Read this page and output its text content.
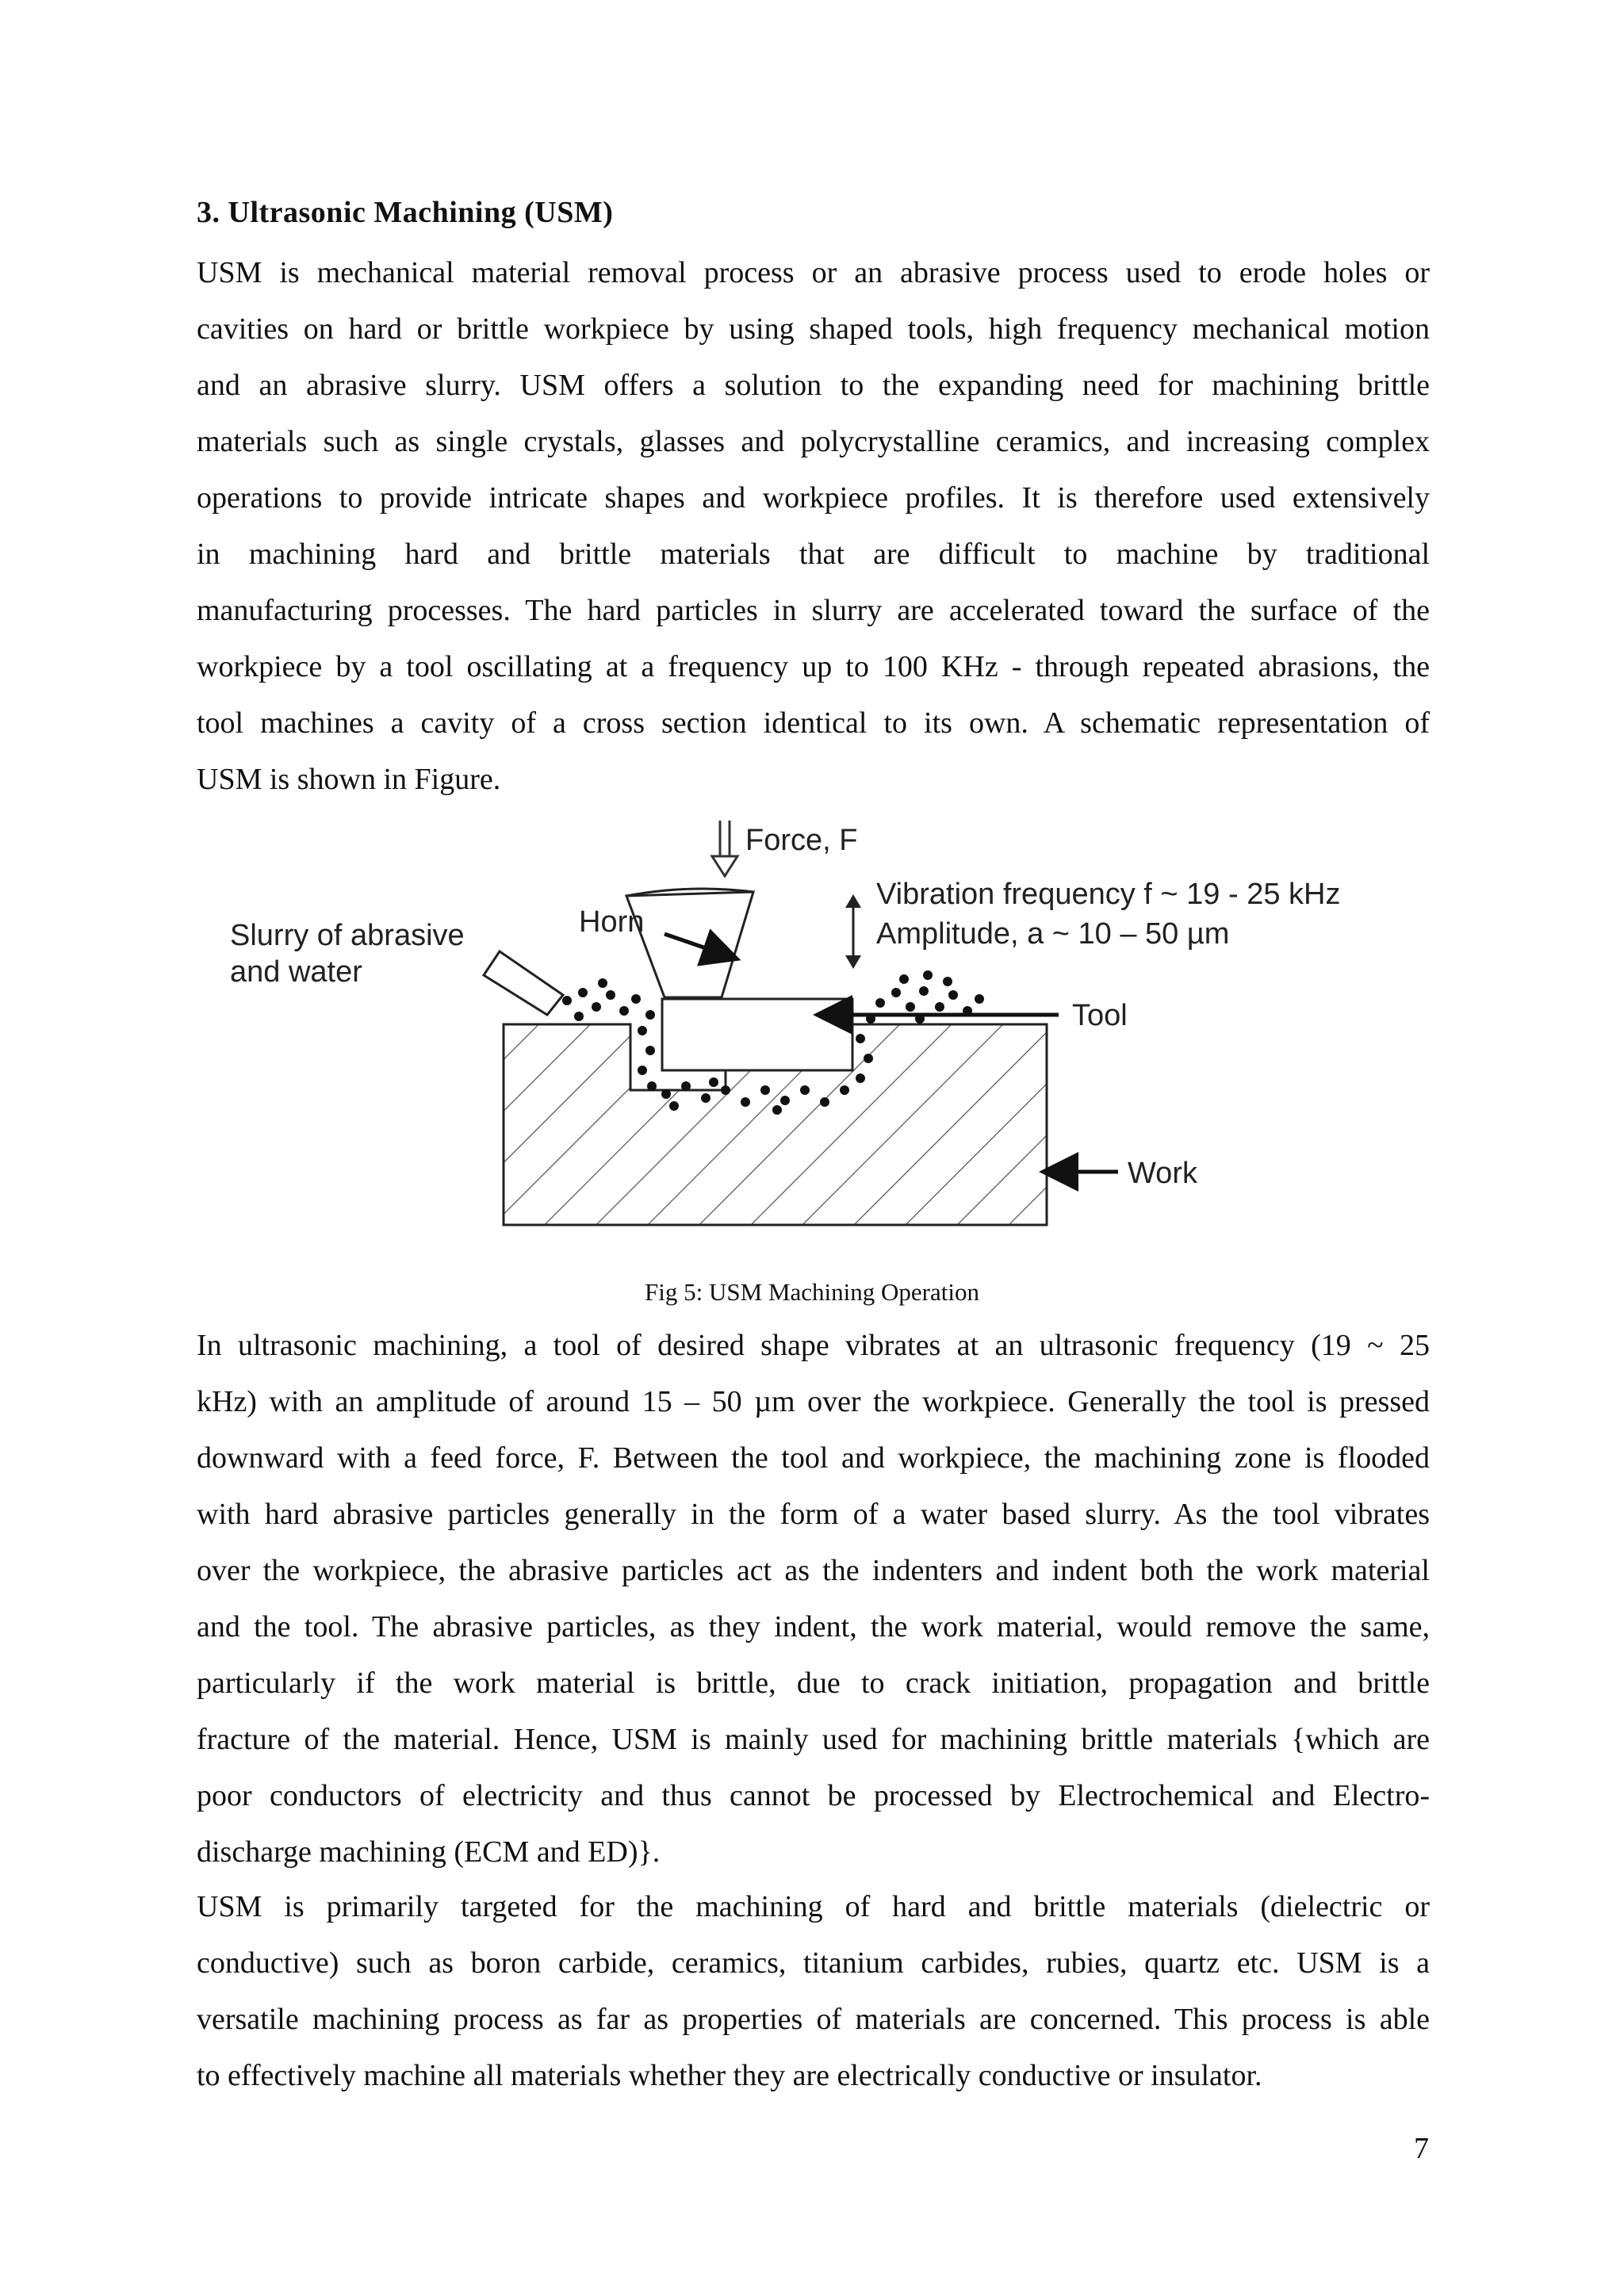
3. Ultrasonic Machining (USM)
USM is mechanical material removal process or an abrasive process used to erode holes or
cavities on hard or brittle workpiece by using shaped tools, high frequency mechanical motion
and an abrasive slurry. USM offers a solution to the expanding need for machining brittle
materials such as single crystals, glasses and polycrystalline ceramics, and increasing complex
operations to provide intricate shapes and workpiece profiles. It is therefore used extensively
in machining hard and brittle materials that are difficult to machine by traditional
manufacturing processes. The hard particles in slurry are accelerated toward the surface of the
workpiece by a tool oscillating at a frequency up to 100 KHz - through repeated abrasions, the
tool machines a cavity of a cross section identical to its own. A schematic representation of
USM is shown in Figure.
Force, F
Horn
Vibration frequency f ~ 19 - 25 kHz
Amplitude, a ~ 10 – 50 µm
Slurry of abrasive
and water
Tool
Work
Fig 5: USM Machining Operation
In ultrasonic machining, a tool of desired shape vibrates at an ultrasonic frequency (19 ~ 25
kHz) with an amplitude of around 15 – 50 µm over the workpiece. Generally the tool is pressed
downward with a feed force, F. Between the tool and workpiece, the machining zone is flooded
with hard abrasive particles generally in the form of a water based slurry. As the tool vibrates
over the workpiece, the abrasive particles act as the indenters and indent both the work material
and the tool. The abrasive particles, as they indent, the work material, would remove the same,
particularly if the work material is brittle, due to crack initiation, propagation and brittle
fracture of the material. Hence, USM is mainly used for machining brittle materials {which are
poor conductors of electricity and thus cannot be processed by Electrochemical and Electro-
discharge machining (ECM and ED)}.
USM is primarily targeted for the machining of hard and brittle materials (dielectric or
conductive) such as boron carbide, ceramics, titanium carbides, rubies, quartz etc. USM is a
versatile machining process as far as properties of materials are concerned. This process is able
to effectively machine all materials whether they are electrically conductive or insulator.
7
